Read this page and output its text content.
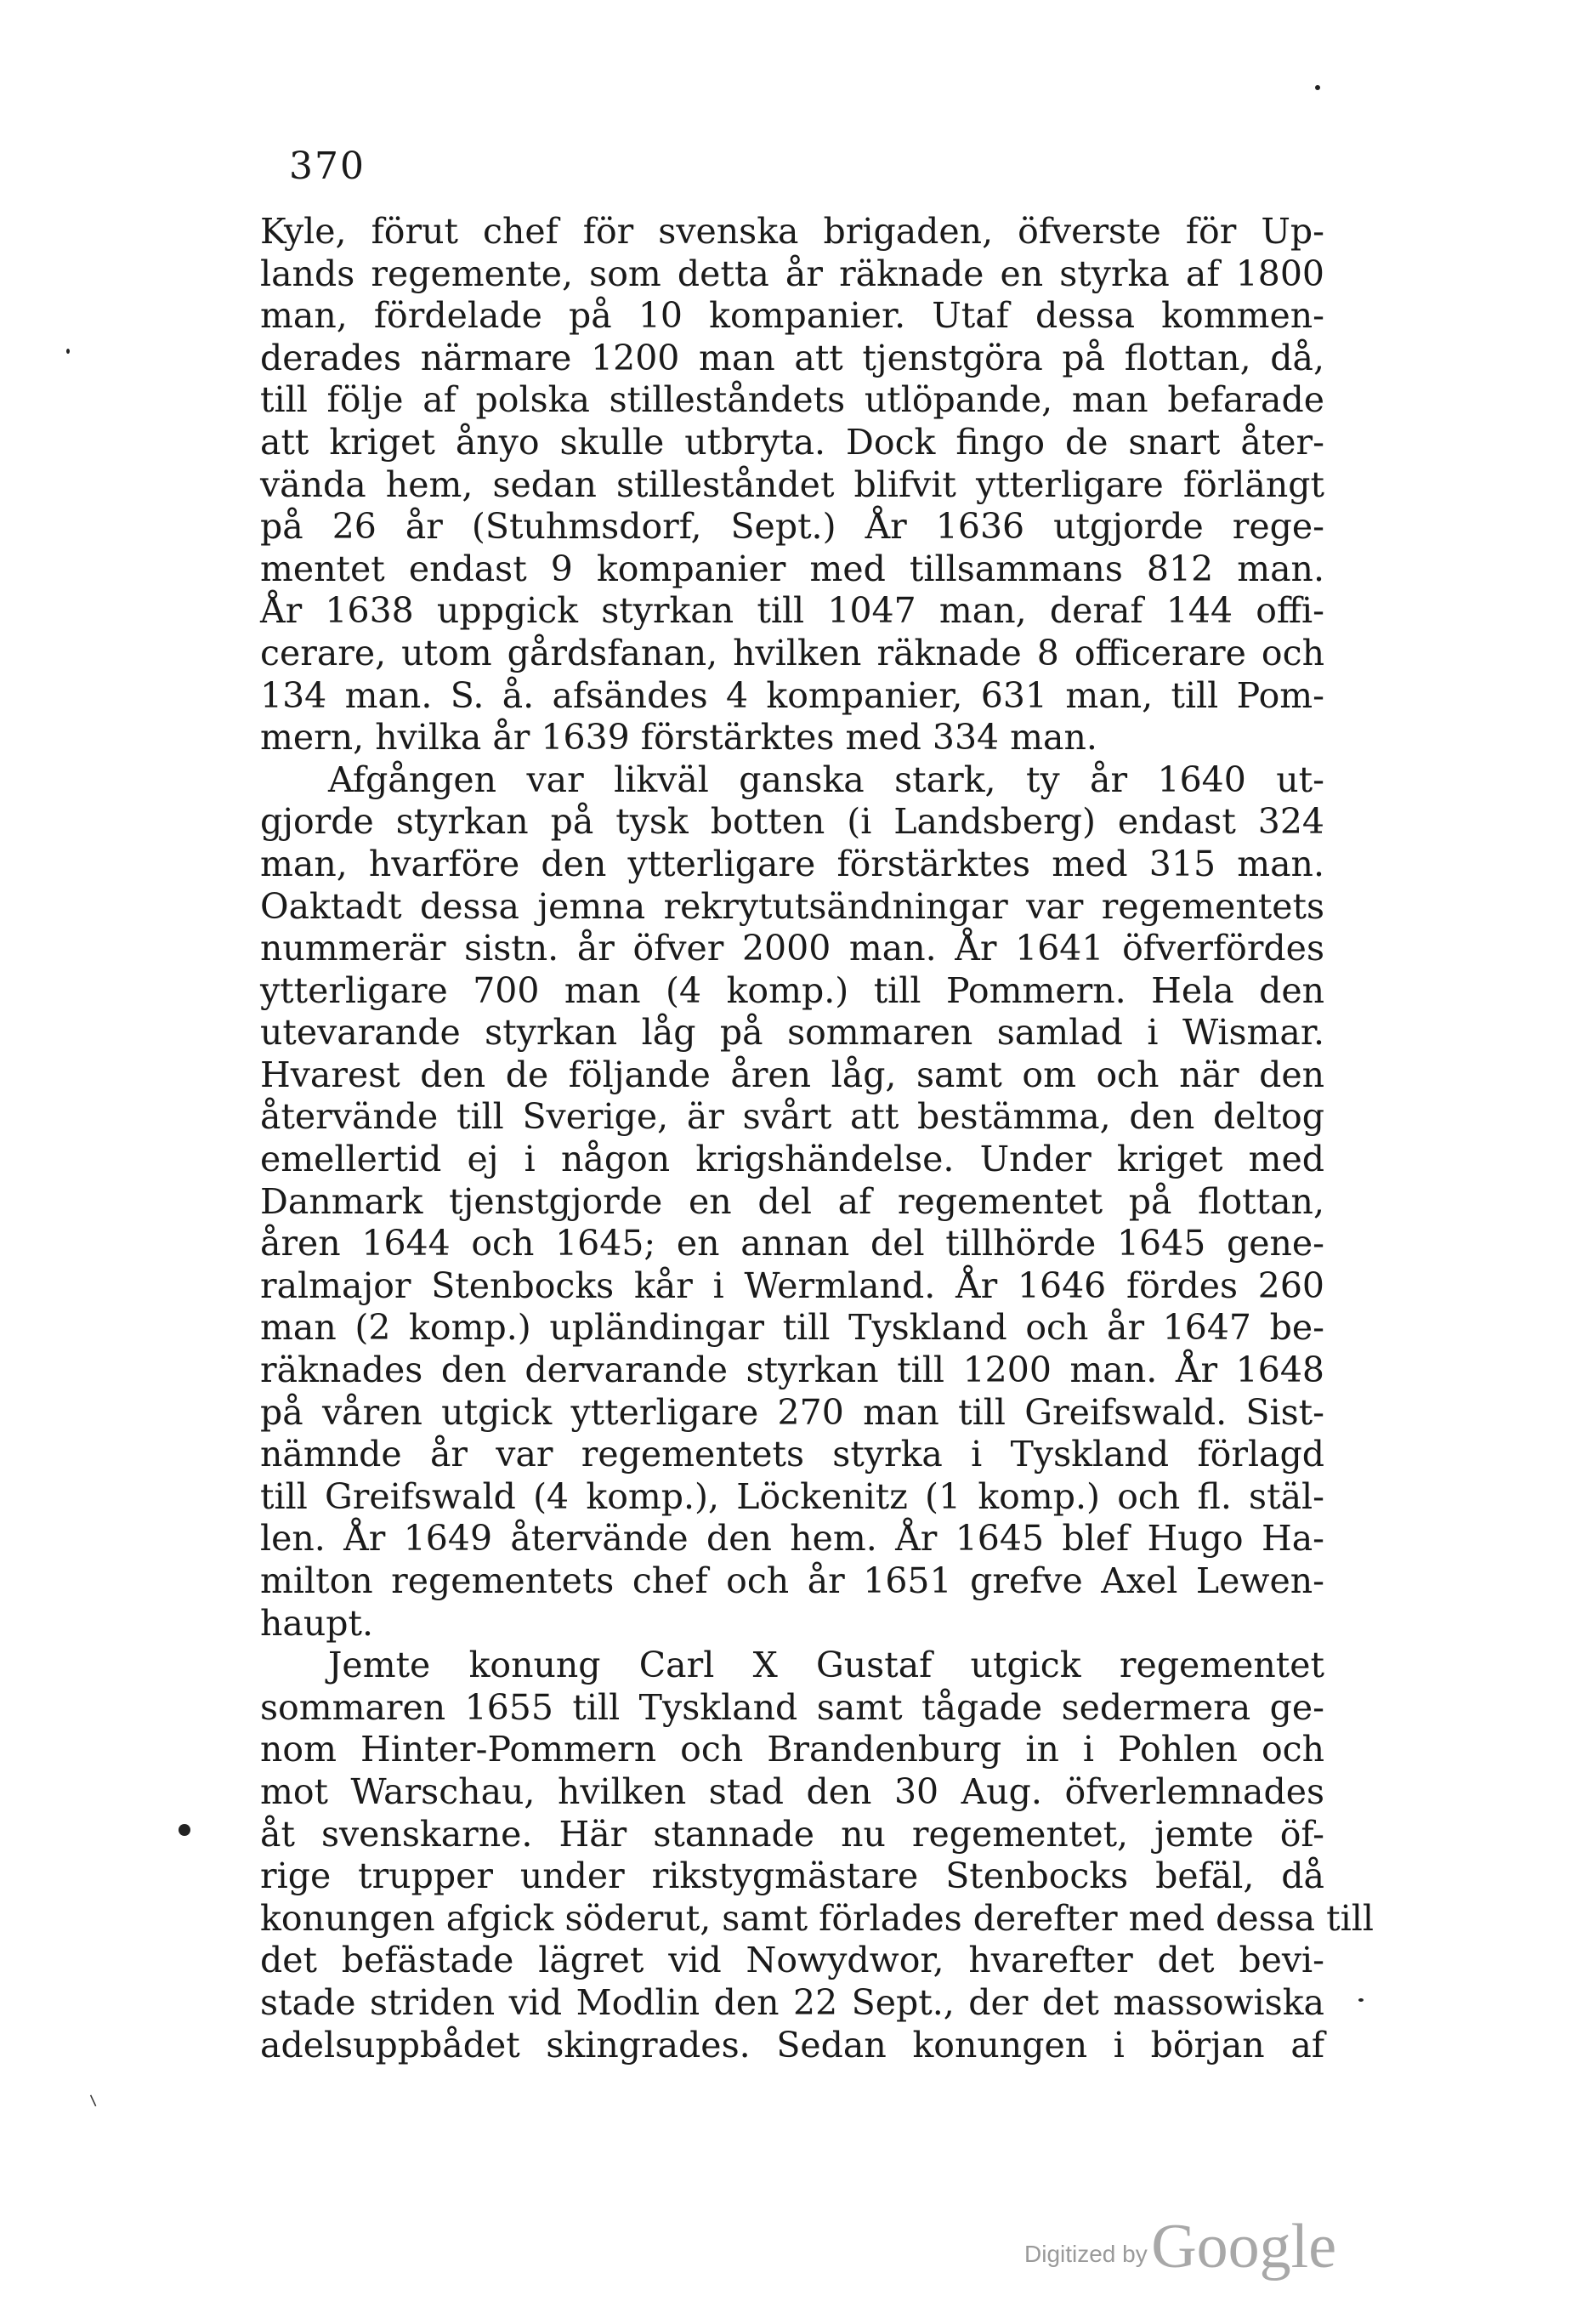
370
Kyle, förut chef för svenska brigaden, öfverste för Up-
lands regemente, som detta år räknade en styrka af 1800
man, fördelade på 10 kompanier. Utaf dessa kommen-
derades närmare 1200 man att tjenstgöra på flottan, då,
till följe af polska stilleståndets utlöpande, man befarade
att kriget ånyo skulle utbryta. Dock fingo de snart åter-
vända hem, sedan stilleståndet blifvit ytterligare förlängt
på 26 år (Stuhmsdorf, Sept.) År 1636 utgjorde rege-
mentet endast 9 kompanier med tillsammans 812 man.
År 1638 uppgick styrkan till 1047 man, deraf 144 offi-
cerare, utom gårdsfanan, hvilken räknade 8 officerare och
134 man. S. å. afsändes 4 kompanier, 631 man, till Pom-
mern, hvilka år 1639 förstärktes med 334 man.
Afgången var likväl ganska stark, ty år 1640 ut-
gjorde styrkan på tysk botten (i Landsberg) endast 324
man, hvarföre den ytterligare förstärktes med 315 man.
Oaktadt dessa jemna rekrytutsändningar var regementets
nummerär sistn. år öfver 2000 man. År 1641 öfverfördes
ytterligare 700 man (4 komp.) till Pommern. Hela den
utevarande styrkan låg på sommaren samlad i Wismar.
Hvarest den de följande åren låg, samt om och när den
återvände till Sverige, är svårt att bestämma, den deltog
emellertid ej i någon krigshändelse. Under kriget med
Danmark tjenstgjorde en del af regementet på flottan,
åren 1644 och 1645; en annan del tillhörde 1645 gene-
ralmajor Stenbocks kår i Wermland. År 1646 fördes 260
man (2 komp.) upländingar till Tyskland och år 1647 be-
räknades den dervarande styrkan till 1200 man. År 1648
på våren utgick ytterligare 270 man till Greifswald. Sist-
nämnde år var regementets styrka i Tyskland förlagd
till Greifswald (4 komp.), Löckenitz (1 komp.) och fl. stäl-
len. År 1649 återvände den hem. År 1645 blef Hugo Ha-
milton regementets chef och år 1651 grefve Axel Lewen-
haupt.
Jemte konung Carl X Gustaf utgick regementet
sommaren 1655 till Tyskland samt tågade sedermera ge-
nom Hinter-Pommern och Brandenburg in i Pohlen och
mot Warschau, hvilken stad den 30 Aug. öfverlemnades
åt svenskarne. Här stannade nu regementet, jemte öf-
rige trupper under rikstygmästare Stenbocks befäl, då
konungen afgick söderut, samt förlades derefter med dessa till
det befästade lägret vid Nowydwor, hvarefter det bevi-
stade striden vid Modlin den 22 Sept., der det massowiska
adelsuppbådet skingrades. Sedan konungen i början af
⸜
Digitized by Google
